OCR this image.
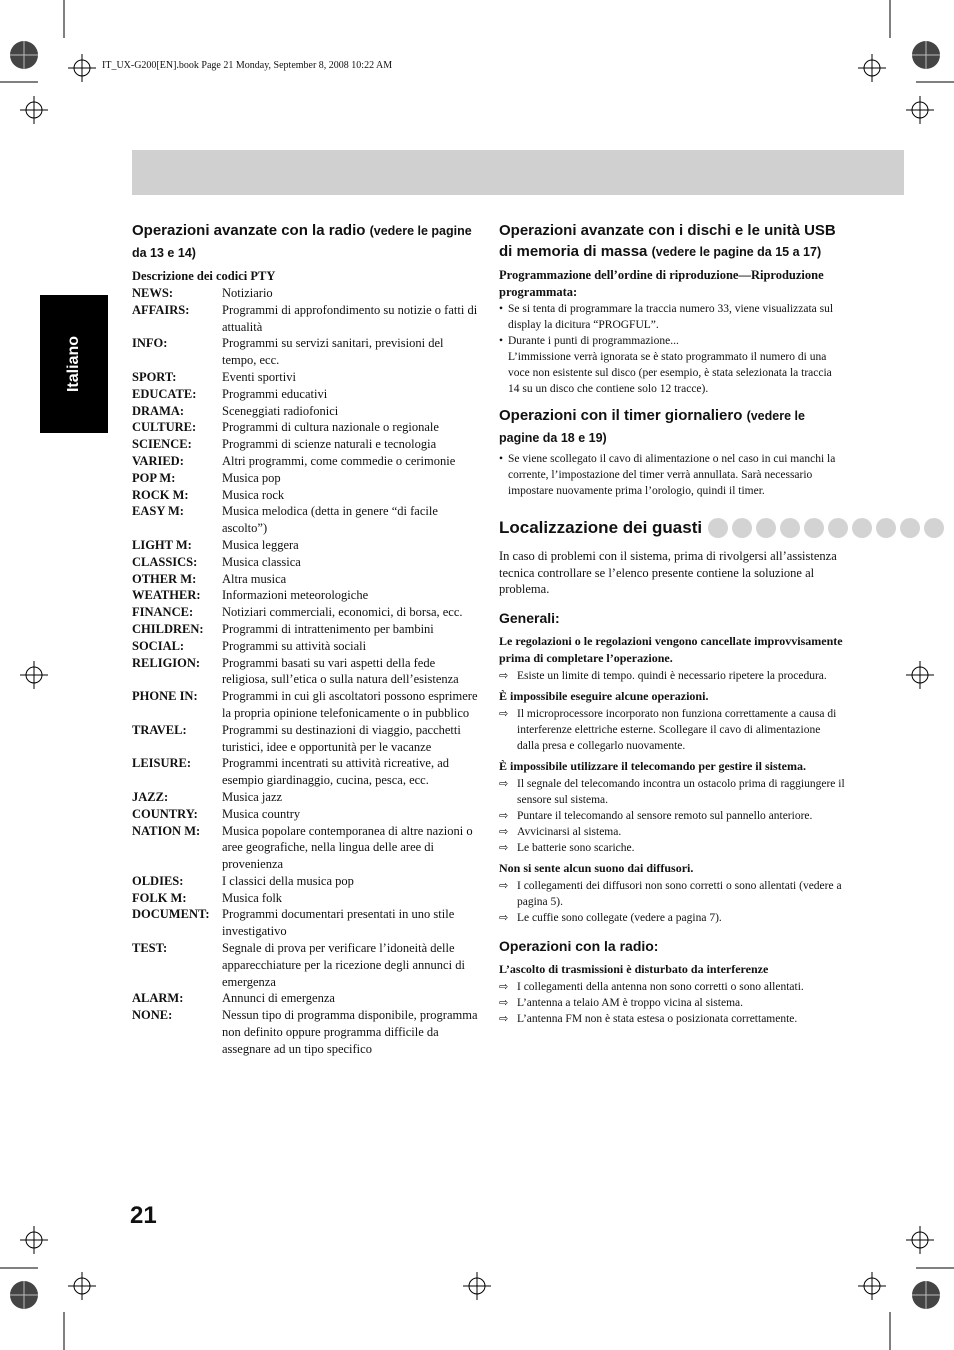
IT_UX-G200[EN].book Page 21 Monday, September 8, 2008 10:22 AM
Italiano
21

Operazioni avanzate con la radio (vedere le pagine da 13 e 14)

Descrizione dei codici PTY

NEWS:	Notiziario
AFFAIRS:	Programmi di approfondimento su notizie o fatti di attualità
INFO:	Programmi su servizi sanitari, previsioni del tempo, ecc.
SPORT:	Eventi sportivi
EDUCATE:	Programmi educativi
DRAMA:	Sceneggiati radiofonici
CULTURE:	Programmi di cultura nazionale o regionale
SCIENCE:	Programmi di scienze naturali e tecnologia
VARIED:	Altri programmi, come commedie o cerimonie
POP M:	Musica pop
ROCK M:	Musica rock
EASY M:	Musica melodica (detta in genere “di facile ascolto”)
LIGHT M:	Musica leggera
CLASSICS:	Musica classica
OTHER M:	Altra musica
WEATHER:	Informazioni meteorologiche
FINANCE:	Notiziari commerciali, economici, di borsa, ecc.
CHILDREN:	Programmi di intrattenimento per bambini
SOCIAL:	Programmi su attività sociali
RELIGION:	Programmi basati su vari aspetti della fede religiosa, sull’etica o sulla natura dell’esistenza
PHONE IN:	Programmi in cui gli ascoltatori possono esprimere la propria opinione telefonicamente o in pubblico
TRAVEL:	Programmi su destinazioni di viaggio, pacchetti turistici, idee e opportunità per le vacanze
LEISURE:	Programmi incentrati su attività ricreative, ad esempio giardinaggio, cucina, pesca, ecc.
JAZZ:	Musica jazz
COUNTRY:	Musica country
NATION M:	Musica popolare contemporanea di altre nazioni o aree geografiche, nella lingua delle aree di provenienza
OLDIES:	I classici della musica pop
FOLK M:	Musica folk
DOCUMENT: Programmi documentari presentati in uno stile investigativo
TEST:	Segnale di prova per verificare l’idoneità delle apparecchiature per la ricezione degli annunci di emergenza
ALARM:	Annunci di emergenza
NONE:	Nessun tipo di programma disponibile, programma non definito oppure programma difficile da assegnare ad un tipo specifico

Operazioni avanzate con i dischi e le unità USB di memoria di massa (vedere le pagine da 15 a 17)

Programmazione dell’ordine di riproduzione—Riproduzione programmata:

• Se si tenta di programmare la traccia numero 33, viene visualizzata sul display la dicitura “PROGFUL”.
• Durante i punti di programmazione...

L’immissione verrà ignorata se è stato programmato il numero di una voce non esistente sul disco (per esempio, è stata selezionata la traccia 14 su un disco che contiene solo 12 tracce).

Operazioni con il timer giornaliero (vedere le pagine da 18 e 19)

• Se viene scollegato il cavo di alimentazione o nel caso in cui manchi la corrente, l’impostazione del timer verrà annullata. Sarà necessario impostare nuovamente prima l’orologio, quindi il timer.
Localizzazione dei guasti

In caso di problemi con il sistema, prima di rivolgersi all’assistenza tecnica controllare se l’elenco presente contiene la soluzione al problema.

Generali:

Le regolazioni o le regolazioni vengono cancellate improvvisamente prima di completare l’operazione.

⇨ Esiste un limite di tempo. quindi è necessario ripetere la procedura.

È impossibile eseguire alcune operazioni.

⇨ Il microprocessore incorporato non funziona correttamente a causa di interferenze elettriche esterne. Scollegare il cavo di alimentazione dalla presa e collegarlo nuovamente.

È impossibile utilizzare il telecomando per gestire il sistema.

⇨ Il segnale del telecomando incontra un ostacolo prima di raggiungere il sensore sul sistema.
⇨ Puntare il telecomando al sensore remoto sul pannello anteriore.
⇨ Avvicinarsi al sistema.
⇨ Le batterie sono scariche.

Non si sente alcun suono dai diffusori.

⇨ I collegamenti dei diffusori non sono corretti o sono allentati (vedere a pagina 5).
⇨ Le cuffie sono collegate (vedere a pagina 7).

Operazioni con la radio:

L’ascolto di trasmissioni è disturbato da interferenze

⇨ I collegamenti della antenna non sono corretti o sono allentati.
⇨ L’antenna a telaio AM è troppo vicina al sistema.
⇨ L’antenna FM non è stata estesa o posizionata correttamente.
